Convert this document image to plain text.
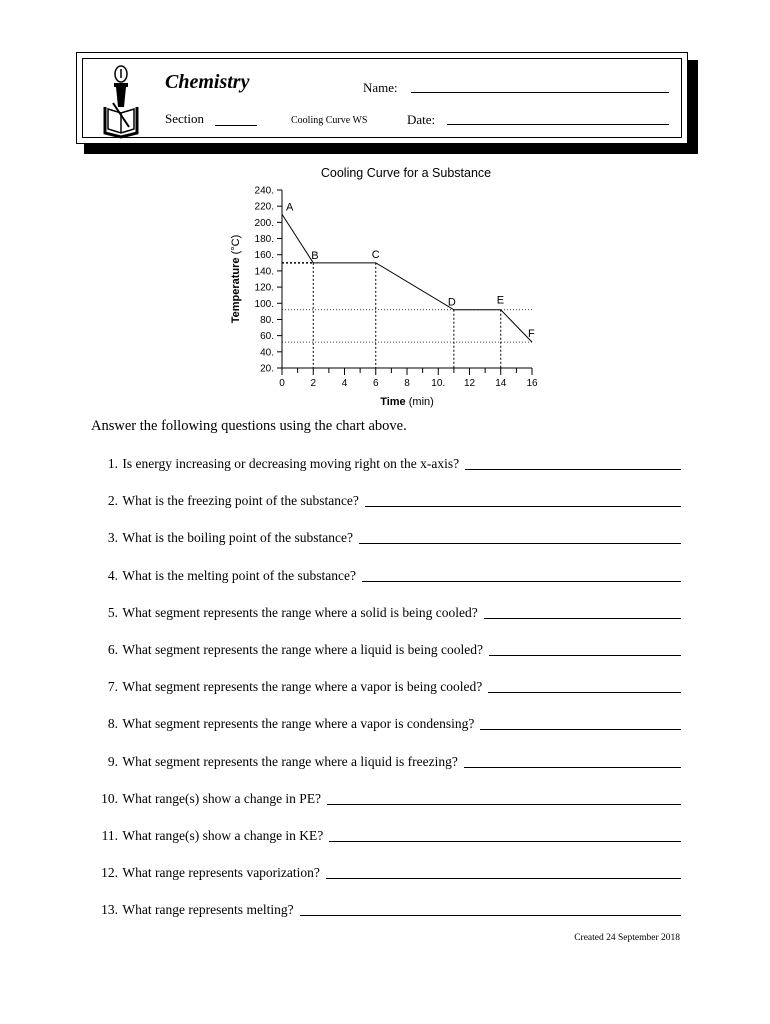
Chemistry	Name:
Section	Cooling Curve WS	Date:
Cooling Curve for a Substance
20.
40.
60.
80.
100.
120.
140.
160.
180.
200.
220.
240.
0	2	4	6	8 10. 12 14 16
A
B	C
D	E
F
Time (min)
Temperature (°C)
Answer the following questions using the chart above.
1. Is energy increasing or decreasing moving right on the x-axis?
2. What is the freezing point of the substance?
3. What is the boiling point of the substance?
4. What is the melting point of the substance?
5. What segment represents the range where a solid is being cooled?
6. What segment represents the range where a liquid is being cooled?
7. What segment represents the range where a vapor is being cooled?
8. What segment represents the range where a vapor is condensing?
9. What segment represents the range where a liquid is freezing?
10. What range(s) show a change in PE?
11. What range(s) show a change in KE?
12. What range represents vaporization?
13. What range represents melting?
Created 24 September 2018
